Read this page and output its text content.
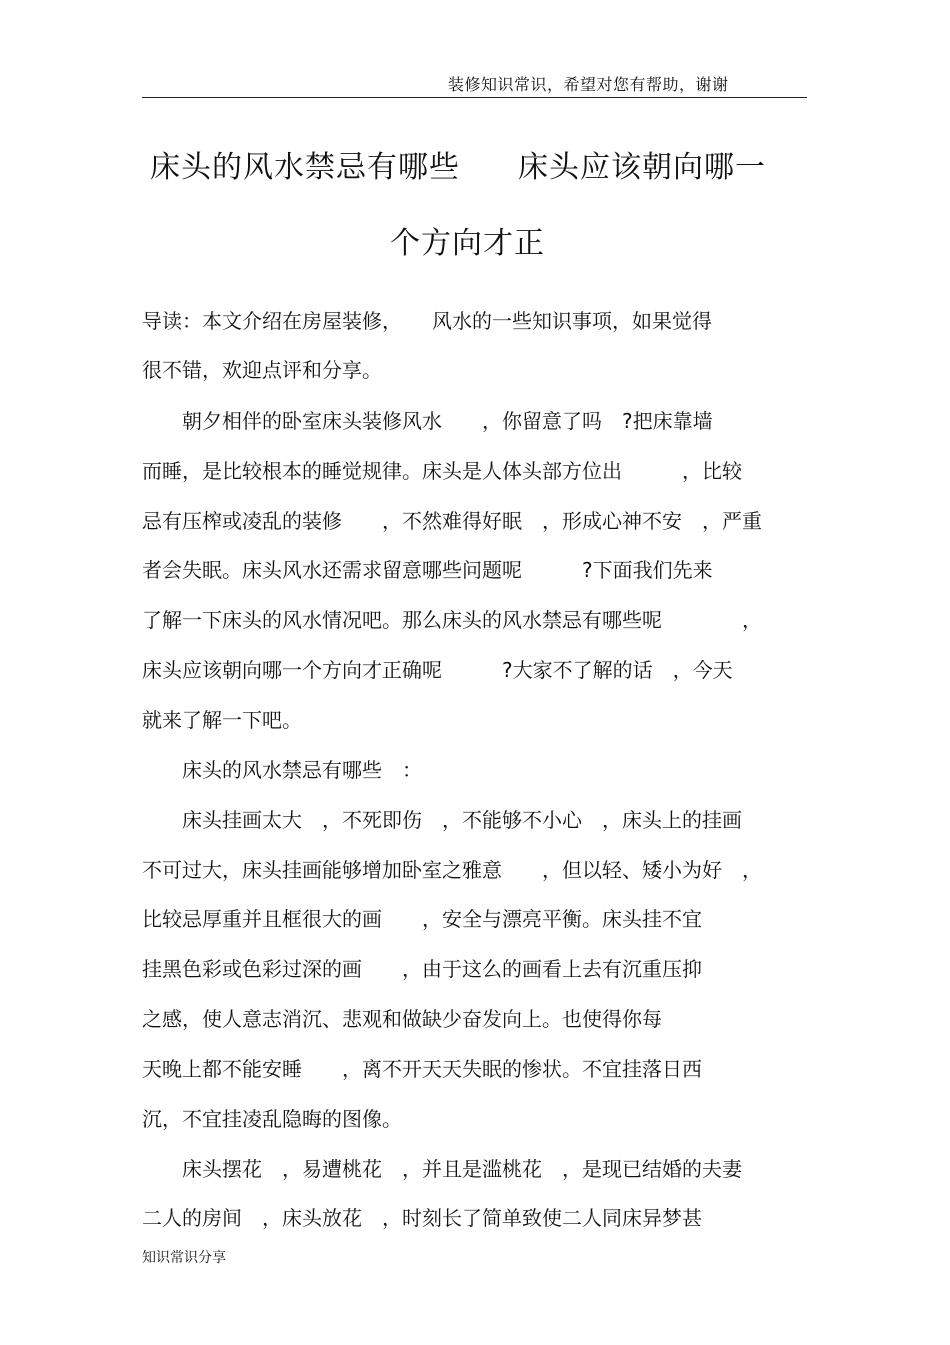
装修知识常识，希望对您有帮助，谢谢
床头的风水禁忌有哪些 床头应该朝向哪一
个方向才正
导读：本文介绍在房屋装修，　　风水的一些知识事项，如果觉得
很不错，欢迎点评和分享。
　　朝夕相伴的卧室床头装修风水　　，你留意了吗　?把床靠墙
而睡，是比较根本的睡觉规律。床头是人体头部方位出　　　，比较
忌有压榨或凌乱的装修　　，不然难得好眠　，形成心神不安　，严重
者会失眠。床头风水还需求留意哪些问题呢　　　?下面我们先来
了解一下床头的风水情况吧。那么床头的风水禁忌有哪些呢　　　　，
床头应该朝向哪一个方向才正确呢　　　?大家不了解的话　，今天
就来了解一下吧。
　　床头的风水禁忌有哪些　：
　　床头挂画太大　，不死即伤　，不能够不小心　，床头上的挂画
不可过大，床头挂画能够增加卧室之雅意　　，但以轻、矮小为好　，
比较忌厚重并且框很大的画　　，安全与漂亮平衡。床头挂不宜
挂黑色彩或色彩过深的画　　，由于这么的画看上去有沉重压抑
之感，使人意志消沉、悲观和做缺少奋发向上。也使得你每
天晚上都不能安睡　　，离不开天天失眠的惨状。不宜挂落日西
沉，不宜挂凌乱隐晦的图像。
　　床头摆花　，易遭桃花　，并且是滥桃花　，是现已结婚的夫妻
二人的房间　，床头放花　，时刻长了简单致使二人同床异梦甚
知识常识分享
